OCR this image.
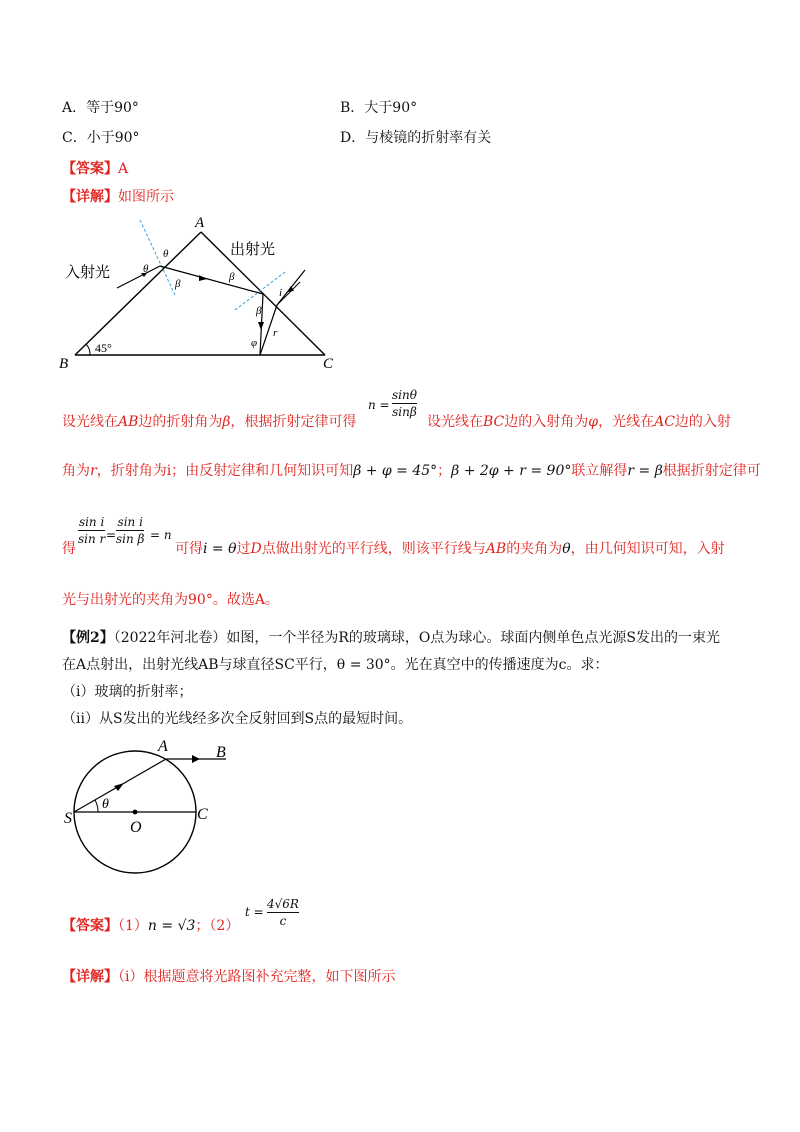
A．等于90°	B．大于90°
C．小于90°	D．与棱镜的折射率有关
【答案】A
【详解】如图所示
A
B	C
45°
入射光
出射光
θ
θ
β
β
β
i
r
φ
n =
sinθ
sinβ
设光线在AB边的折射角为β，根据折射定律可得	设光线在BC边的入射角为φ，光线在AC边的入射
角为r，折射角为i；由反射定律和几何知识可知β + φ = 45°；β + 2φ + r = 90°联立解得r = β根据折射定律可
得
sin i
sin r =
sin i
sin β = n
可得i = θ过D点做出射光的平行线，则该平行线与AB的夹角为θ，由几何知识可知，入射
光与出射光的夹角为90°。故选A。
【例2】（2022年河北卷）如图，一个半径为R的玻璃球，O点为球心。球面内侧单色点光源S发出的一束光
在A点射出，出射光线AB与球直径SC平行，θ = 30°。光在真空中的传播速度为c。求：
（i）玻璃的折射率；
（ii）从S发出的光线经多次全反射回到S点的最短时间。
A	B
S
O
C
θ
【答案】（1）n = √3；（2）
t =
4√6R
c
【详解】（i）根据题意将光路图补充完整，如下图所示
